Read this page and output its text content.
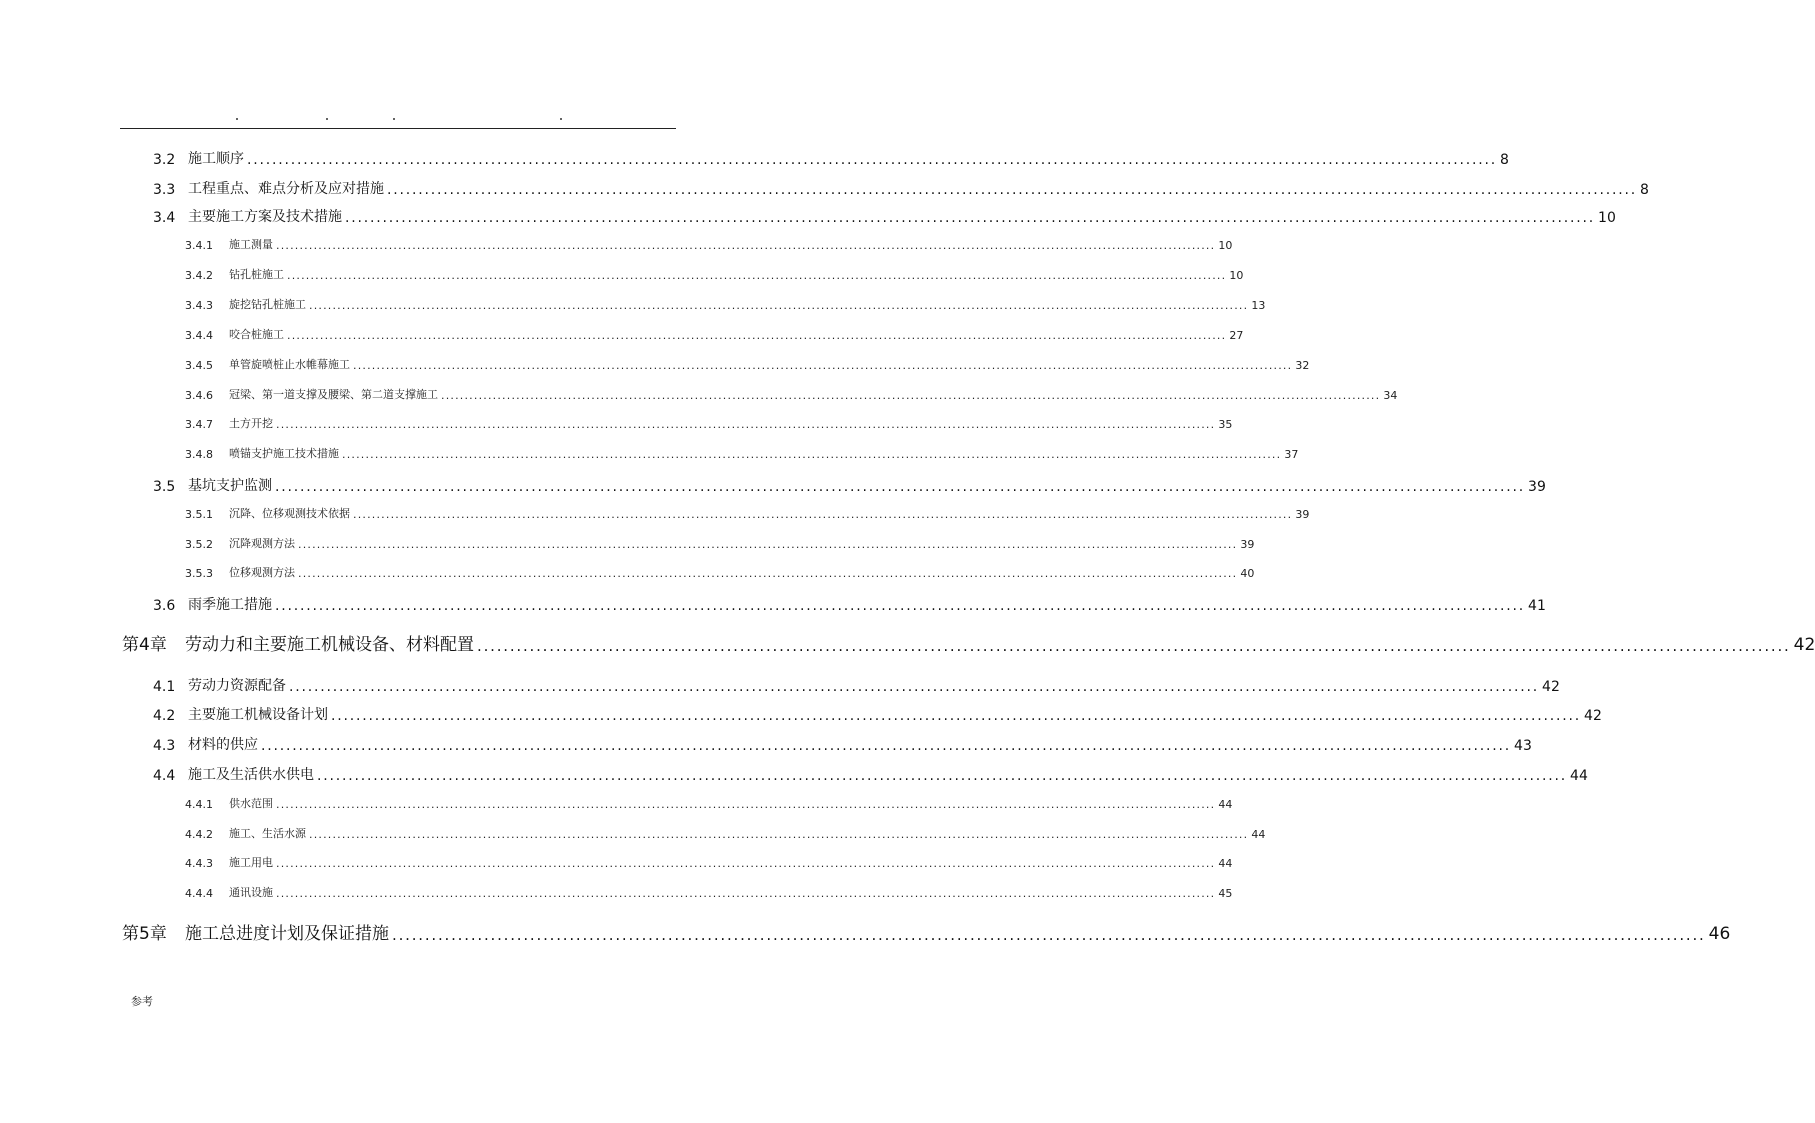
3.2 施工顺序 ........................................................................................................................................................................................................ 8
3.3 工程重点、难点分析及应对措施 ........................................................................................................................................................................................................ 8
3.4 主要施工方案及技术措施 ........................................................................................................................................................................................................ 10
3.4.1	施工测量 ........................................................................................................................................................................................................ 10
3.4.2	钻孔桩施工 ........................................................................................................................................................................................................ 10
3.4.3	旋挖钻孔桩施工 ........................................................................................................................................................................................................ 13
3.4.4	咬合桩施工 ........................................................................................................................................................................................................ 27
3.4.5	单管旋喷桩止水帷幕施工 ........................................................................................................................................................................................................ 32
3.4.6	冠梁、第一道支撑及腰梁、第二道支撑施工 ........................................................................................................................................................................................................ 34
3.4.7	土方开挖 ........................................................................................................................................................................................................ 35
3.4.8	喷锚支护施工技术措施 ........................................................................................................................................................................................................ 37
3.5 基坑支护监测 ........................................................................................................................................................................................................ 39
3.5.1	沉降、位移观测技术依据 ........................................................................................................................................................................................................ 39
3.5.2	沉降观测方法 ........................................................................................................................................................................................................ 39
3.5.3	位移观测方法 ........................................................................................................................................................................................................ 40
3.6 雨季施工措施 ........................................................................................................................................................................................................ 41
第4章	劳动力和主要施工机械设备、材料配置 ........................................................................................................................................................................................................ 42
4.1 劳动力资源配备 ........................................................................................................................................................................................................ 42
4.2 主要施工机械设备计划 ........................................................................................................................................................................................................ 42
4.3 材料的供应 ........................................................................................................................................................................................................ 43
4.4 施工及生活供水供电 ........................................................................................................................................................................................................ 44
4.4.1	供水范围 ........................................................................................................................................................................................................ 44
4.4.2	施工、生活水源 ........................................................................................................................................................................................................ 44
4.4.3	施工用电 ........................................................................................................................................................................................................ 44
4.4.4	通讯设施 ........................................................................................................................................................................................................ 45
第5章	施工总进度计划及保证措施 ........................................................................................................................................................................................................ 46
参考
